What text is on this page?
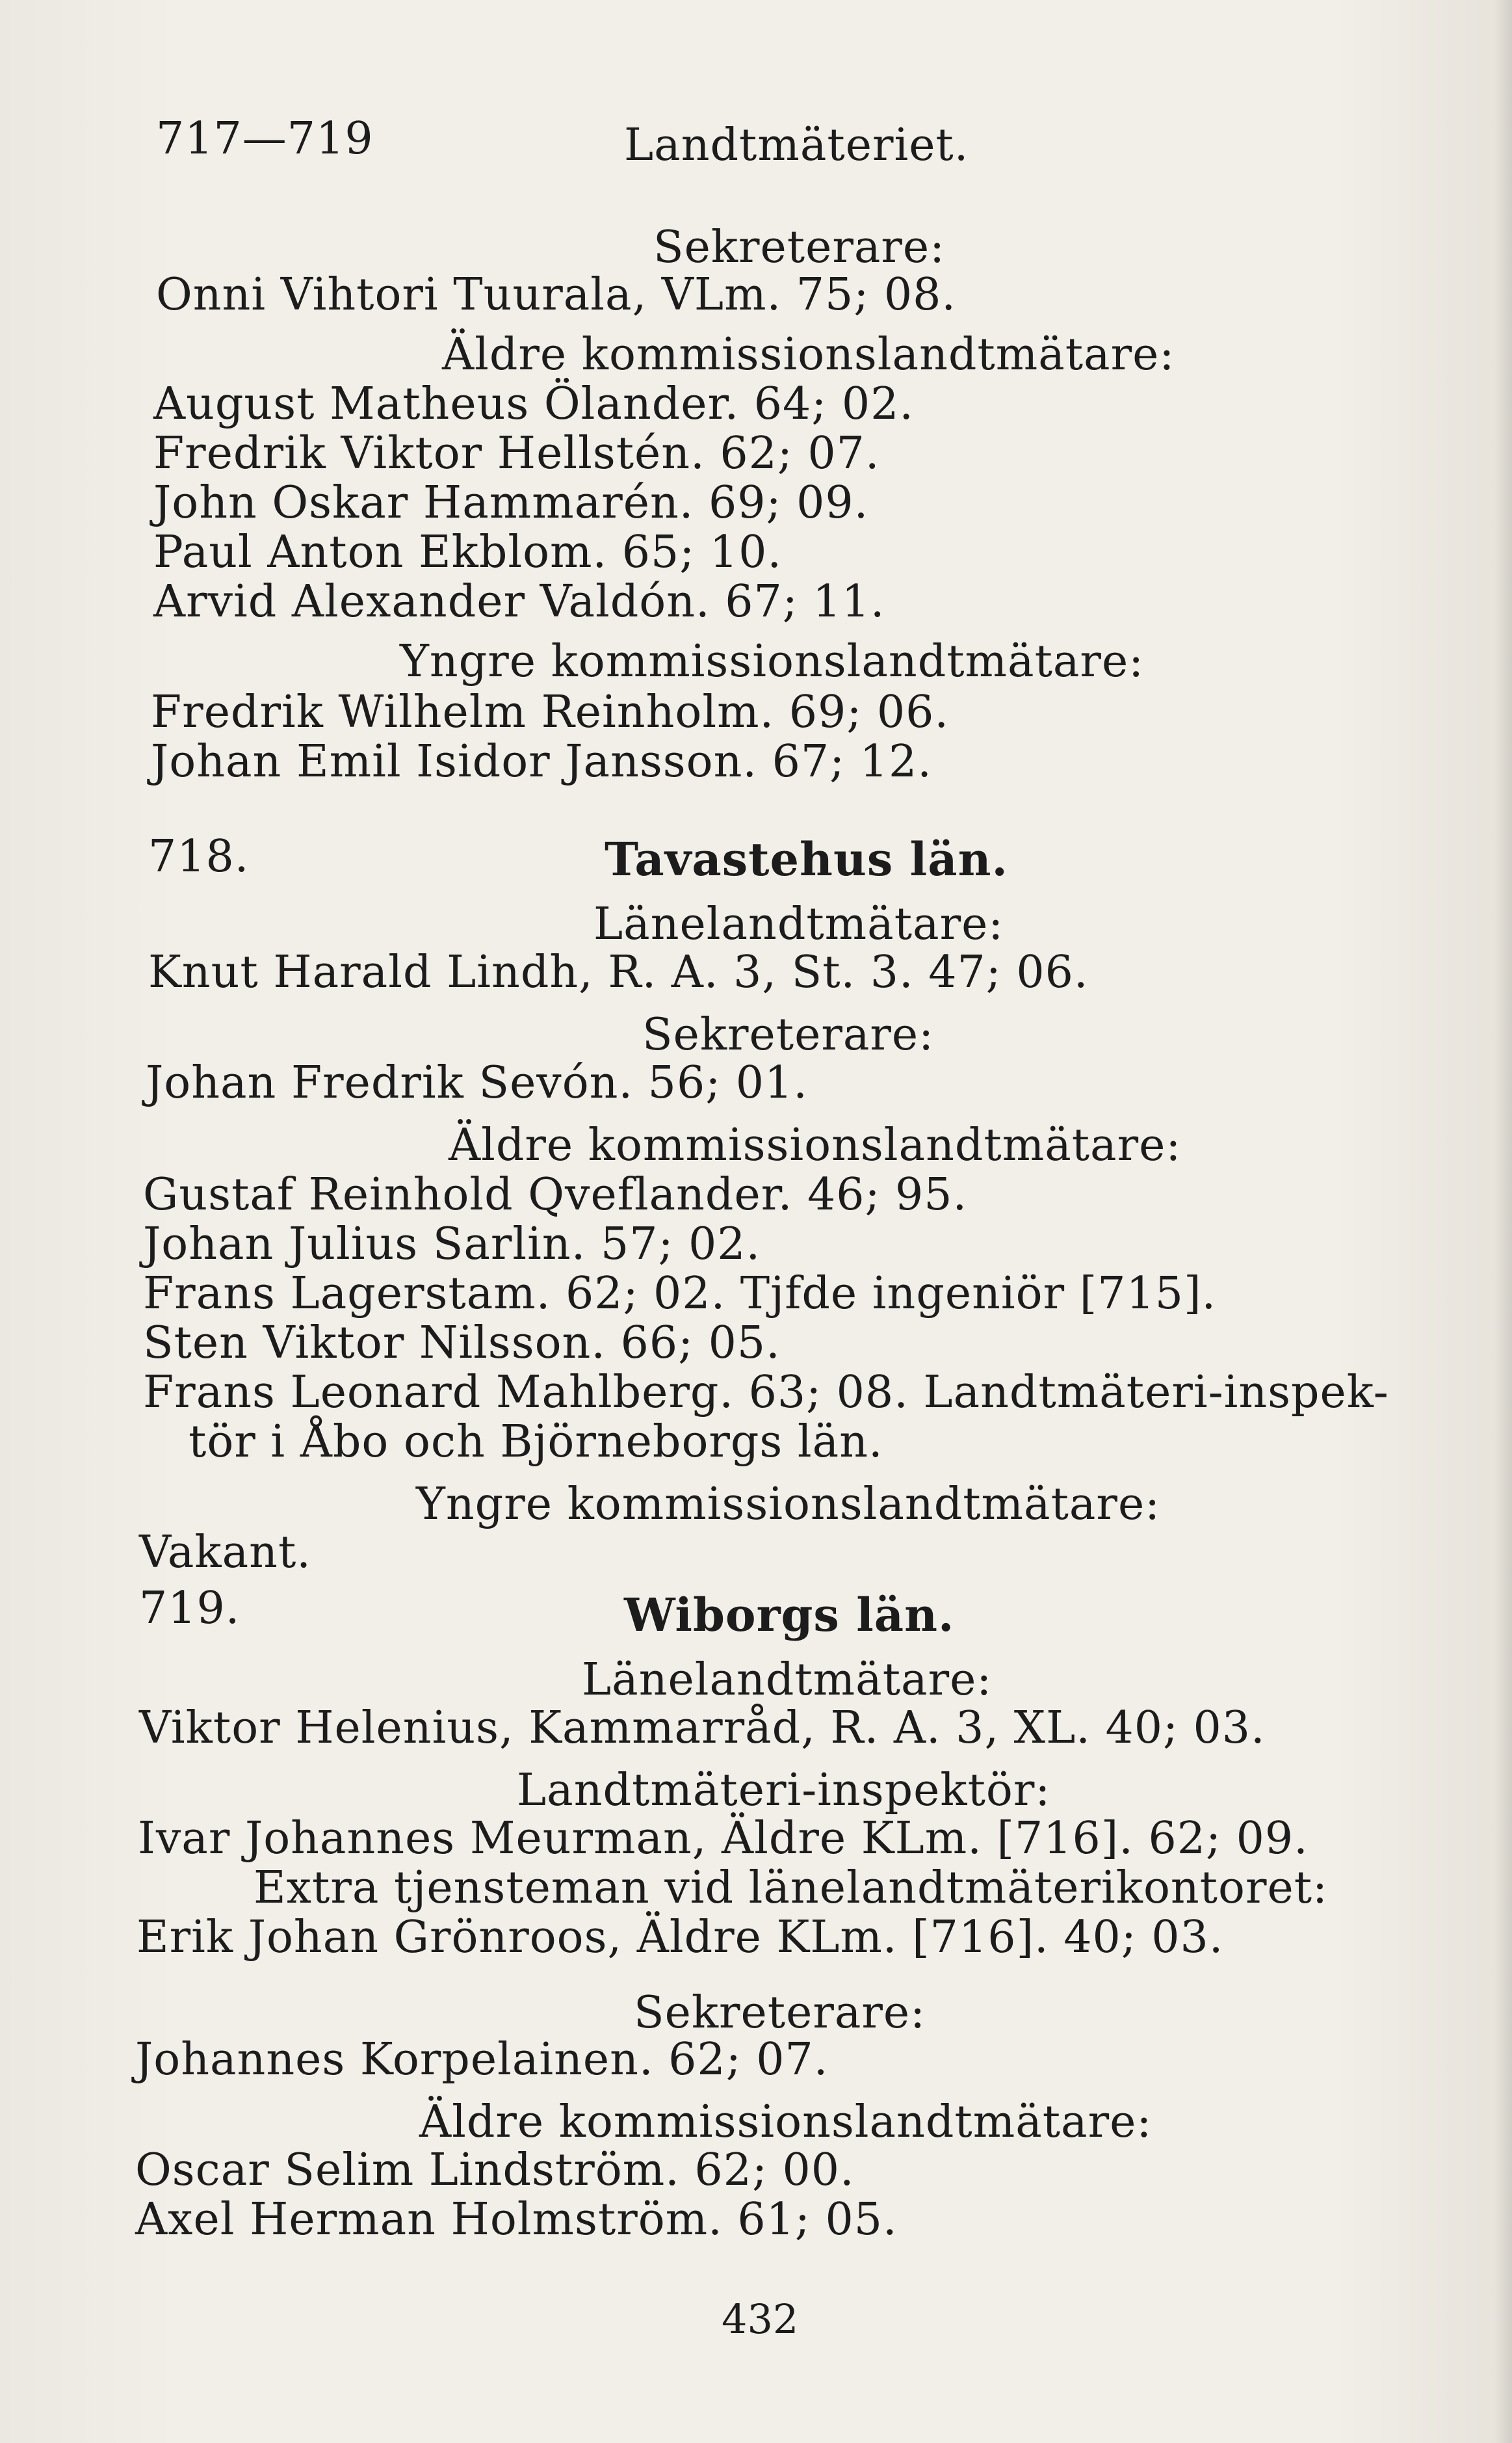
717—719	Landtmäteriet.
Sekreterare:
Onni Vihtori Tuurala, VLm. 75; 08.
Äldre kommissionslandtmätare:
August Matheus Ölander. 64; 02.
Fredrik Viktor Hellstén. 62; 07.
John Oskar Hammarén. 69; 09.
Paul Anton Ekblom. 65; 10.
Arvid Alexander Valdón. 67; 11.
Yngre kommissionslandtmätare:
Fredrik Wilhelm Reinholm. 69; 06.
Johan Emil Isidor Jansson. 67; 12.
718.	Tavastehus län.
Länelandtmätare:
Knut Harald Lindh, R. A. 3, St. 3. 47; 06.
Sekreterare:
Johan Fredrik Sevón. 56; 01.
Äldre kommissionslandtmätare:
Gustaf Reinhold Qveflander. 46; 95.
Johan Julius Sarlin. 57; 02.
Frans Lagerstam. 62; 02. Tjfde ingeniör [715].
Sten Viktor Nilsson. 66; 05.
Frans Leonard Mahlberg. 63; 08. Landtmäteri-inspek-
tör i Åbo och Björneborgs län.
Yngre kommissionslandtmätare:
Vakant.
719.	Wiborgs län.
Länelandtmätare:
Viktor Helenius, Kammarråd, R. A. 3, XL. 40; 03.
Landtmäteri-inspektör:
Ivar Johannes Meurman, Äldre KLm. [716]. 62; 09.
Extra tjensteman vid länelandtmäterikontoret:
Erik Johan Grönroos, Äldre KLm. [716]. 40; 03.
Sekreterare:
Johannes Korpelainen. 62; 07.
Äldre kommissionslandtmätare:
Oscar Selim Lindström. 62; 00.
Axel Herman Holmström. 61; 05.
432
